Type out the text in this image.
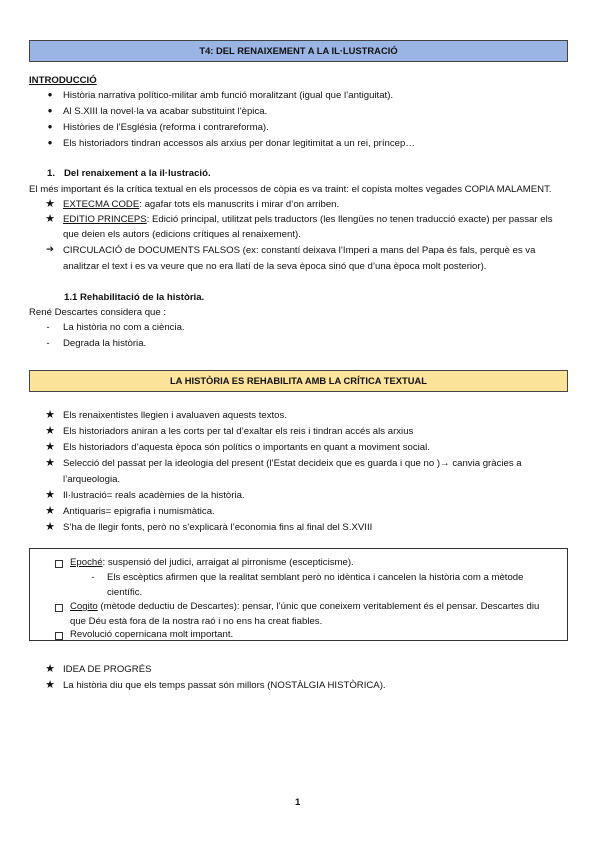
T4: DEL RENAIXEMENT A LA IL·LUSTRACIÓ
INTRODUCCIÓ
●	Història narrativa político-militar amb funció moralitzant (igual que l’antiguitat).
●	Al S.XIII la novel·la va acabar substituint l’èpica.
●	Històries de l’Església (reforma i contrareforma).
●	Els historiadors tindran accessos als arxius per donar legitimitat a un rei, príncep…
1. Del renaixement a la il·lustració.
El més important és la crítica textual en els processos de còpia es va traint: el copista moltes vegades COPIA MALAMENT.
★ EXTECMA CODE: agafar tots els manuscrits i mirar d’on arriben.
★ EDITIO PRINCEPS: Edició principal, utilitzat pels traductors (les llengües no tenen traducció exacte) per passar els
que deien els autors (edicions crítiques al renaixement).
➔ CIRCULACIÓ de DOCUMENTS FALSOS (ex: constantí deixava l’Imperi a mans del Papa és fals, perquè es va
analitzar el text i es va veure que no era llatí de la seva època sinó que d’una època molt posterior).
1.1 Rehabilitació de la història.
René Descartes considera que :
-	La història no com a ciència.
-	Degrada la història.
LA HISTÒRIA ES REHABILITA AMB LA CRÍTICA TEXTUAL
★ Els renaixentistes llegien i avaluaven aquests textos.
★ Els historiadors aniran a les corts per tal d’exaltar els reis i tindran accés als arxius
★ Els historiadors d’aquesta època són polítics o importants en quant a moviment social.
★ Selecció del passat per la ideologia del present (l’Estat decideix que es guarda i que no )→ canvia gràcies a
l’arqueologia.
★ Il·lustració= reals acadèmies de la història.
★ Antiquaris= epigrafia i numismàtica.
★ S’ha de llegir fonts, però no s’explicarà l’economia fins al final del S.XVIII
Epoché: suspensió del judici, arraigat al pirronisme (escepticisme).
-	Els escèptics afirmen que la realitat semblant però no idèntica i cancelen la història com a mètode
científic.
Cogito (mètode deductiu de Descartes): pensar, l’únic que coneixem veritablement és el pensar. Descartes diu
que Déu està fora de la nostra raó i no ens ha creat fiables.
Revolució copernicana molt important.
★ IDEA DE PROGRÉS
★ La història diu que els temps passat són millors (NOSTÀLGIA HISTÒRICA).
1
